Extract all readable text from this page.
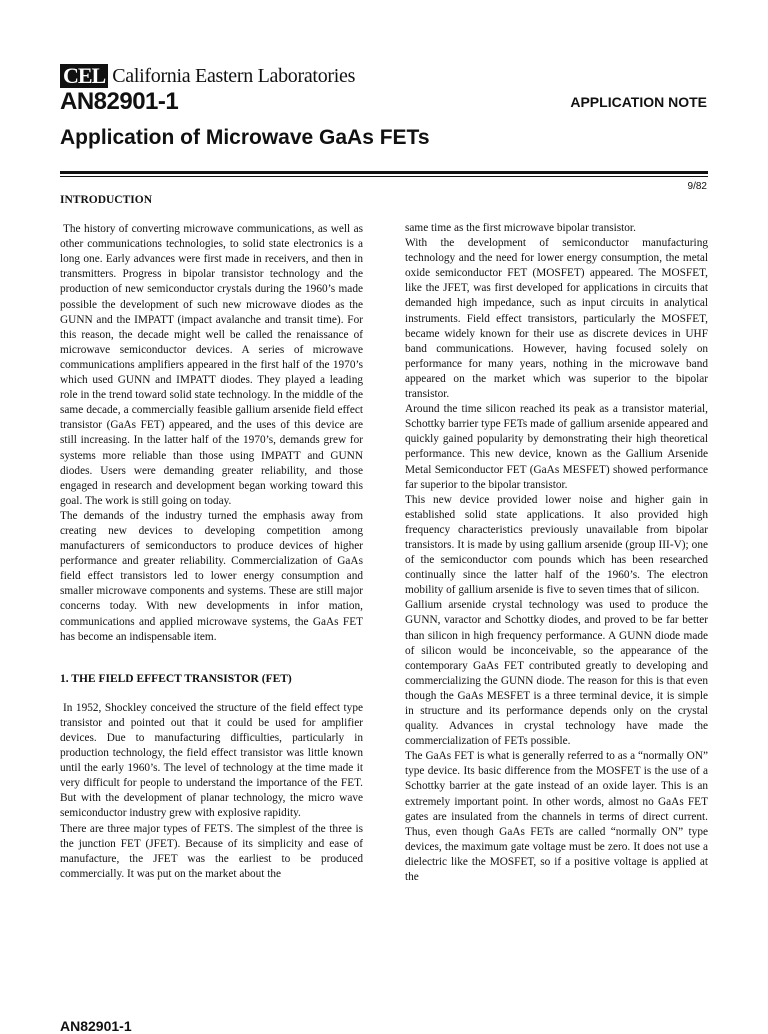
CEL California Eastern Laboratories
AN82901-1	APPLICATION NOTE
Application of Microwave GaAs FETs
9/82

INTRODUCTION

The history of converting microwave communications, as well as other communications technologies, to solid state electronics is a long one. Early advances were first made in receivers, and then in transmitters. Progress in bipolar transistor technology and the production of new semiconductor crystals during the 1960’s made possible the development of such new microwave diodes as the GUNN and the IMPATT (impact avalanche and transit time). For this reason, the decade might well be called the renaissance of microwave semiconductor devices. A series of microwave communications amplifiers appeared in the first half of the 1970’s which used GUNN and IMPATT diodes. They played a leading role in the trend toward solid state technology. In the middle of the same decade, a commercially feasible gallium arsenide field effect transistor (GaAs FET) appeared, and the uses of this device are still increasing. In the latter half of the 1970’s, demands grew for systems more reliable than those using IMPATT and GUNN diodes. Users were demanding greater reliability, and those engaged in research and development began working toward this goal. The work is still going on today.

The demands of the industry turned the emphasis away from creating new devices to developing competition among manufacturers of semiconductors to produce devices of higher performance and greater reliability. Commercialization of GaAs field effect transistors led to lower energy consumption and smaller microwave components and systems. These are still major concerns today. With new developments in infor mation, communications and applied microwave systems, the GaAs FET has become an indispensable item.

1. THE FIELD EFFECT TRANSISTOR (FET)

In 1952, Shockley conceived the structure of the field effect type transistor and pointed out that it could be used for amplifier devices. Due to manufacturing difficulties, particularly in production technology, the field effect transistor was little known until the early 1960’s. The level of technology at the time made it very difficult for people to understand the importance of the FET. But with the development of planar technology, the micro wave semiconductor industry grew with explosive rapidity.

There are three major types of FETS. The simplest of the three is the junction FET (JFET). Because of its simplicity and ease of manufacture, the JFET was the earliest to be produced commercially. It was put on the market about the

same time as the first microwave bipolar transistor.

With the development of semiconductor manufacturing technology and the need for lower energy consumption, the metal oxide semiconductor FET (MOSFET) appeared. The MOSFET, like the JFET, was first developed for applications in circuits that demanded high impedance, such as input circuits in analytical instruments. Field effect transistors, particularly the MOSFET, became widely known for their use as discrete devices in UHF band communications. However, having focused solely on performance for many years, nothing in the microwave band appeared on the market which was superior to the bipolar transistor.

Around the time silicon reached its peak as a transistor material, Schottky barrier type FETs made of gallium arsenide appeared and quickly gained popularity by demonstrating their high theoretical performance. This new device, known as the Gallium Arsenide Metal Semiconductor FET (GaAs MESFET) showed performance far superior to the bipolar transistor.

This new device provided lower noise and higher gain in established solid state applications. It also provided high frequency characteristics previously unavailable from bipolar transistors. It is made by using gallium arsenide (group III-V); one of the semiconductor com pounds which has been researched continually since the latter half of the 1960’s. The electron mobility of gallium arsenide is five to seven times that of silicon.

Gallium arsenide crystal technology was used to produce the GUNN, varactor and Schottky diodes, and proved to be far better than silicon in high frequency performance. A GUNN diode made of silicon would be inconceivable, so the appearance of the contemporary GaAs FET contributed greatly to developing and commercializing the GUNN diode. The reason for this is that even though the GaAs MESFET is a three terminal device, it is simple in structure and its performance depends only on the crystal quality. Advances in crystal technology have made the commercialization of FETs possible.

The GaAs FET is what is generally referred to as a “normally ON” type device. Its basic difference from the MOSFET is the use of a Schottky barrier at the gate instead of an oxide layer. This is an extremely important point. In other words, almost no GaAs FET gates are insulated from the channels in terms of direct current. Thus, even though GaAs FETs are called “normally ON” type devices, the maximum gate voltage must be zero. It does not use a dielectric like the MOSFET, so if a positive voltage is applied at the

AN82901-1
